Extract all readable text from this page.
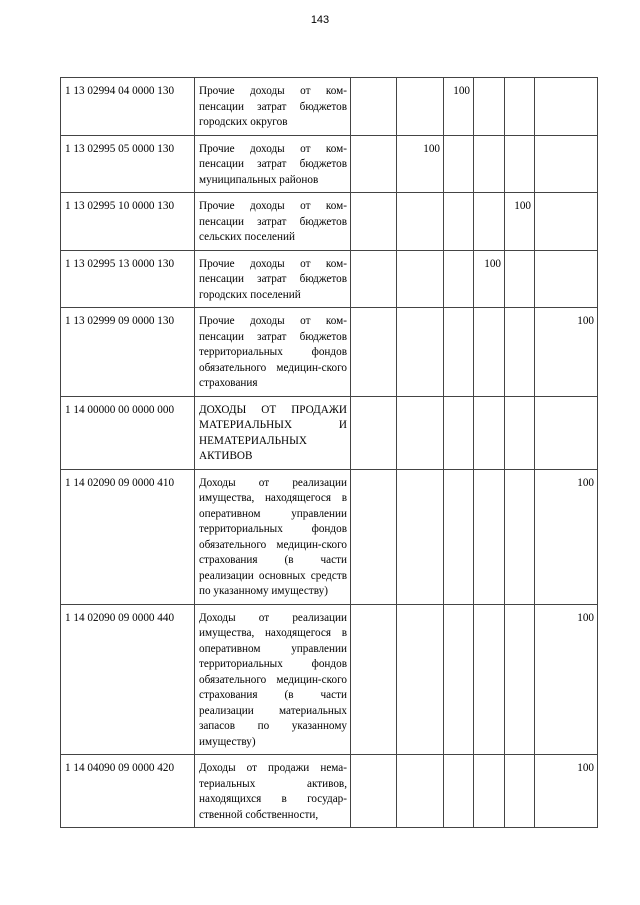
143
1 13 02994 04 0000 130	Прочие доходы от ком-пенсации затрат бюджетов городских округов			100			
1 13 02995 05 0000 130	Прочие доходы от ком-пенсации затрат бюджетов муниципальных районов		100				
1 13 02995 10 0000 130	Прочие доходы от ком-пенсации затрат бюджетов сельских поселений					100	
1 13 02995 13 0000 130	Прочие доходы от ком-пенсации затрат бюджетов городских поселений				100		
1 13 02999 09 0000 130	Прочие доходы от ком-пенсации затрат бюджетов территориальных фондов обязательного медицин-ского страхования						100
1 14 00000 00 0000 000	ДОХОДЫ ОТ ПРОДАЖИ МАТЕРИАЛЬНЫХ И НЕМАТЕРИАЛЬНЫХ АКТИВОВ						
1 14 02090 09 0000 410	Доходы от реализации имущества, находящегося в оперативном управлении территориальных фондов обязательного медицин-ского страхования (в части реализации основных средств по указанному имуществу)						100
1 14 02090 09 0000 440	Доходы от реализации имущества, находящегося в оперативном управлении территориальных фондов обязательного медицин-ского страхования (в части реализации материальных запасов по указанному имуществу)						100
1 14 04090 09 0000 420	Доходы от продажи нема-териальных активов, находящихся в государ-ственной собственности,						100
